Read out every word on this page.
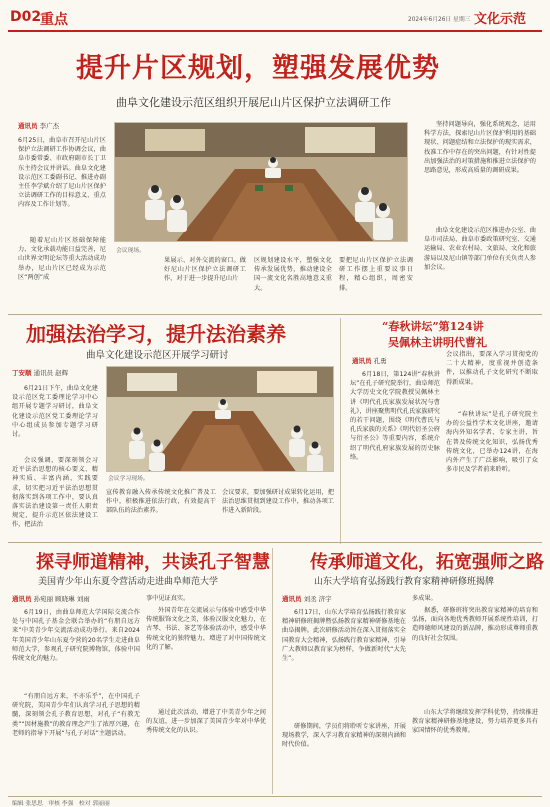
D02
重点	2024年6月26日 星期三 文化示范
提升片区规划，塑强发展优势
曲阜文化建设示范区组织开展尼山片区保护立法调研工作
通讯员 李广杰
6月25日，曲阜市召开尼山片区保护立法调研工作协调会议，曲阜市委常委、市政府副市长丁卫东主持会议并讲话。曲阜文化建设示范区工委副书记、推进办副主任李学斌介绍了尼山片区保护立法调研工作的目标意义、重点内容及工作计划等。
随着尼山片区基础保障能力、文化承载功能日益完善，尼山世界文明论坛等重大活动成功举办，尼山片区已经成为示范区“两创”成
会议现场。
果展示、对外交流的窗口。做好尼山片区保护立法调研工作，对于进一步提升尼山片
区规划建设水平，塑强文化传承发展优势，推动建设全国一流文化名胜高地意义重大。
要把尼山片区保护立法调研工作摆上重要议事日程，精心组织，周密安排。
坚持问题导向，强化系统观念，运用科学方法，探索尼山片区保护利用的基础现状、问题症结和立法保护的现实需求，找准工作中存在的突出问题，有针对性提出加强法治的对策措施和推进立法保护的思路意见，形成高质量的调研成果。
曲阜文化建设示范区推进办公室、曲阜市司法局、曲阜市委政策研究室、交通运输局、农业农村局、文旅局、文化和旅游局以及尼山镇等部门单位有关负责人参加会议。
加强法治学习，提升法治素养
曲阜文化建设示范区开展学习研讨
丁安顺 通讯员 赵辉
6月21日下午，曲阜文化建设示范区党工委理论学习中心组开展专题学习研讨，曲阜文化建设示范区党工委理论学习中心组成员参加专题学习研讨。
会议强调，要深刻领会习近平法治思想的核心要义、精神实质、丰富内涵、实践要求，切实把习近平法治思想贯彻落实到各项工作中，要认真落实法治建设第一责任人职责规定，提升示范区依法建设工作，把法治
会议学习现场。
宣传教育融入传承传统文化推广普及工作中，积极推进依法行政，有效提高干部队伍的法治素养。
会议要求，要加强研讨成果转化运用，把法治思维贯彻到建设工作中，推动各项工作进入新阶段。
“春秋讲坛”第124讲
吴佩林主讲明代曹礼
通讯员 孔勇
6月18日，第124讲“春秋讲坛”在孔子研究院举行，曲阜师范大学历史文化学院教授吴佩林主讲《明代孔氏家族发展状况与曹礼》，讲座聚焦明代孔氏家族研究的若干问题，围绕《明代曹氏与孔氏家族的关系》《明代衍圣公府与衍圣公》等重要内容，系统介绍了明代孔府家族发展的历史脉络。
会议指出，要深入学习贯彻党的二十大精神，度重视并创造条件，以推动孔子文化研究不断取得新成果。
“春秋讲坛”是孔子研究院主办的公益性学术文化讲座，邀请海内外知名学者、专家主讲，旨在普及传统文化知识，弘扬优秀传统文化，已举办124讲，在海内外产生了广泛影响，吸引了众多市民及学者前来聆听。
探寻师道精神，共读孔子智慧
美国青少年山东夏令营活动走进曲阜师范大学
通讯员 孙宛丽 顾晓琳 刘雨
6月19日，由曲阜师范大学国际交流合作处与中国孔子基金会联合举办的“有朋自远方来”中美青少年交流活动成功举行。来自2024年美国青少年山东夏令营的20名学生走进曲阜师范大学，参观孔子研究院博物馆，体验中国传统文化的魅力。
“有朋自远方来，不亦乐乎”，在中国孔子研究院，美国青少年们认真学习孔子思想的精髓，深刻领会孔子教育思想，对孔子“有教无类”“因材施教”的教育理念产生了浓厚兴趣，在老师的指导下开展“与孔子对话”主题活动。
事中见证真实。
外国青年在交流展示与体验中感受中华传统服饰文化之美，体验汉服文化魅力，在古琴、书法、茶艺等体验活动中，感受中华传统文化的独特魅力，增进了对中国传统文化的了解。
通过此次活动，增进了中美青少年之间的友谊，进一步加深了美国青少年对中华优秀传统文化的认识。
传承师道文化，拓宽强师之路
山东大学培育弘扬践行教育家精神研修班揭牌
通讯员 刘丞 济宇
6月17日，山东大学培育弘扬践行教育家精神研修班揭牌暨弘扬教育家精神研修基地在曲阜揭牌。此次研修活动旨在深入贯彻落实全国教育大会精神，弘扬践行教育家精神，引导广大教师以教育家为榜样，争做新时代“大先生”。
研修期间，学员们将聆听专家讲座，开展现场教学，深入学习教育家精神的深刻内涵和时代价值。
多成果。
据悉，研修班将突出教育家精神的培育和弘扬，面向各地优秀教师开展系统性培训，打造师德师风建设的新品牌，推动形成尊师重教的良好社会氛围。
山东大学将继续发挥学科优势，持续推进教育家精神研修基地建设，努力培养更多具有家国情怀的优秀教师。
编辑 张思思 审核 李强 校对 郭丽丽
